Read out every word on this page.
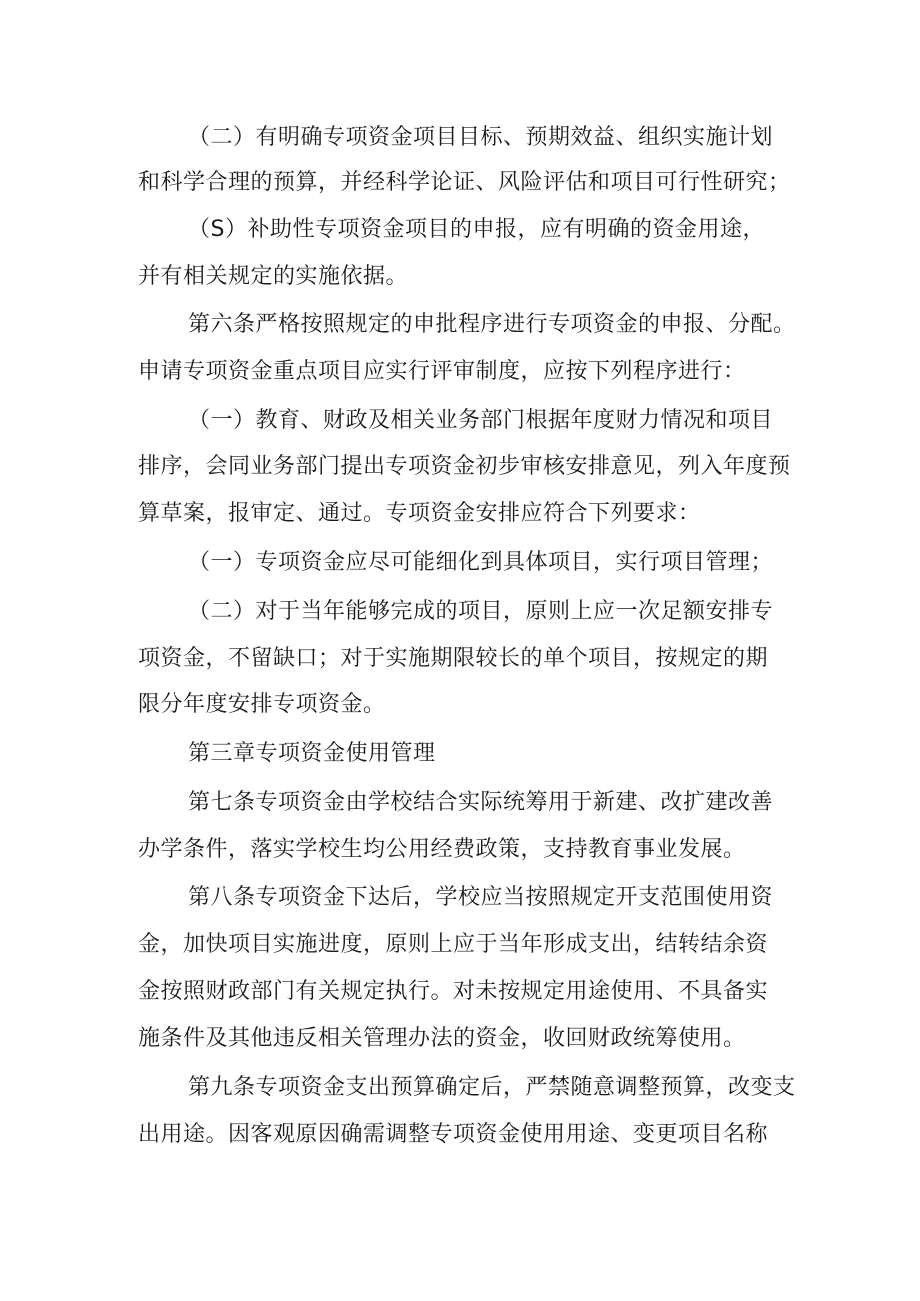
（二）有明确专项资金项目目标、预期效益、组织实施计划
和科学合理的预算，并经科学论证、风险评估和项目可行性研究；
（S）补助性专项资金项目的申报，应有明确的资金用途，
并有相关规定的实施依据。
第六条严格按照规定的申批程序进行专项资金的申报、分配。
申请专项资金重点项目应实行评审制度，应按下列程序进行：
（一）教育、财政及相关业务部门根据年度财力情况和项目
排序，会同业务部门提出专项资金初步审核安排意见，列入年度预
算草案，报审定、通过。专项资金安排应符合下列要求：
（一）专项资金应尽可能细化到具体项目，实行项目管理；
（二）对于当年能够完成的项目，原则上应一次足额安排专
项资金，不留缺口；对于实施期限较长的单个项目，按规定的期
限分年度安排专项资金。
第三章专项资金使用管理
第七条专项资金由学校结合实际统筹用于新建、改扩建改善
办学条件，落实学校生均公用经费政策，支持教育事业发展。
第八条专项资金下达后，学校应当按照规定开支范围使用资
金，加快项目实施进度，原则上应于当年形成支出，结转结余资
金按照财政部门有关规定执行。对未按规定用途使用、不具备实
施条件及其他违反相关管理办法的资金，收回财政统筹使用。
第九条专项资金支出预算确定后，严禁随意调整预算，改变支
出用途。因客观原因确需调整专项资金使用用途、变更项目名称
